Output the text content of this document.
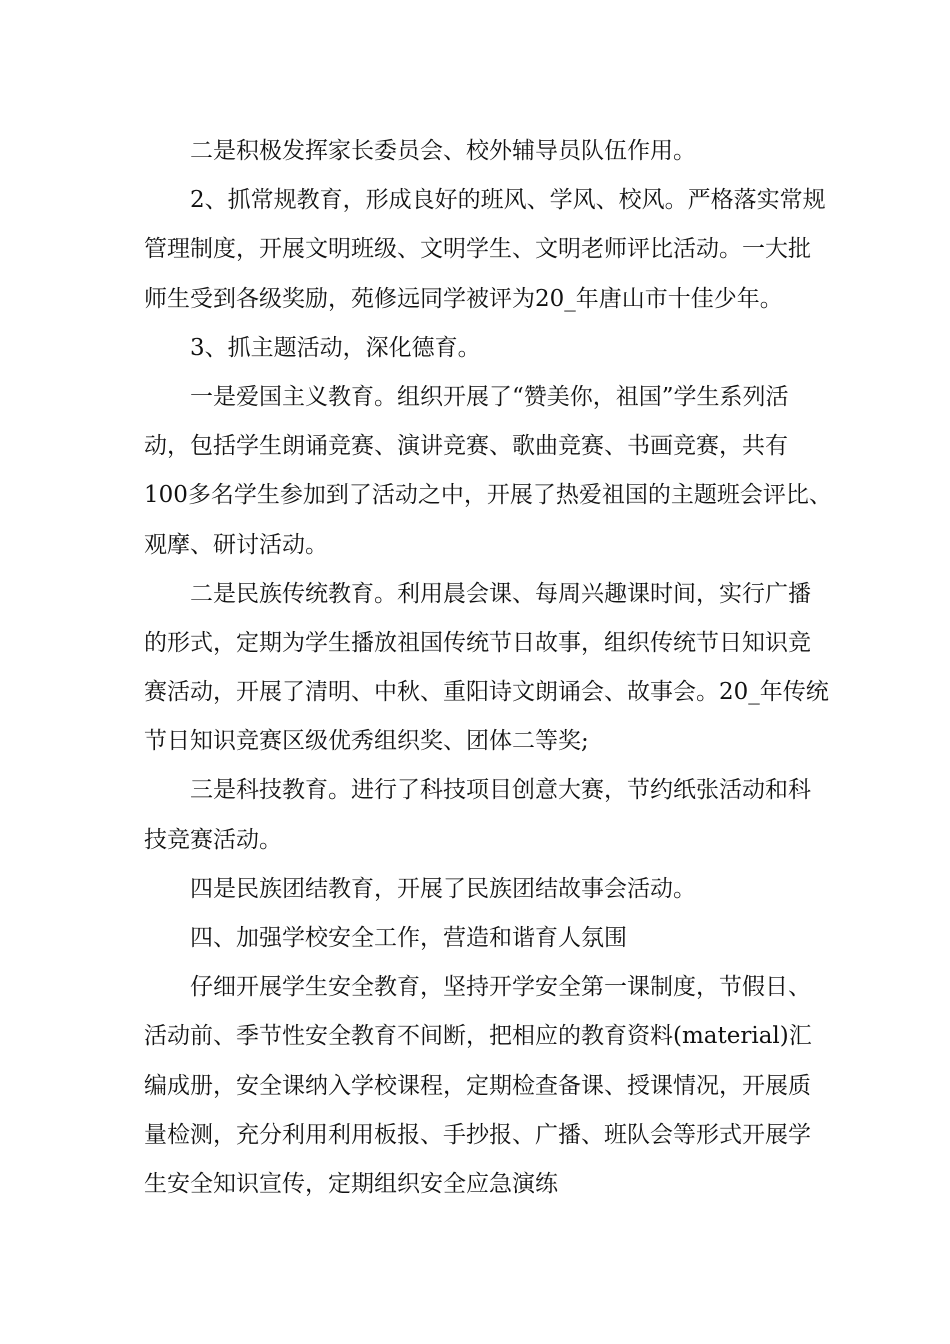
二是积极发挥家长委员会、校外辅导员队伍作用。
2、抓常规教育，形成良好的班风、学风、校风。严格落实常规
管理制度，开展文明班级、文明学生、文明老师评比活动。一大批
师生受到各级奖励，苑修远同学被评为20_年唐山市十佳少年。
3、抓主题活动，深化德育。
一是爱国主义教育。组织开展了“赞美你，祖国”学生系列活
动，包括学生朗诵竞赛、演讲竞赛、歌曲竞赛、书画竞赛，共有
100多名学生参加到了活动之中，开展了热爱祖国的主题班会评比、
观摩、研讨活动。
二是民族传统教育。利用晨会课、每周兴趣课时间，实行广播
的形式，定期为学生播放祖国传统节日故事，组织传统节日知识竞
赛活动，开展了清明、中秋、重阳诗文朗诵会、故事会。20_年传统
节日知识竞赛区级优秀组织奖、团体二等奖;
三是科技教育。进行了科技项目创意大赛，节约纸张活动和科
技竞赛活动。
四是民族团结教育，开展了民族团结故事会活动。
四、加强学校安全工作，营造和谐育人氛围
仔细开展学生安全教育，坚持开学安全第一课制度，节假日、
活动前、季节性安全教育不间断，把相应的教育资料(material)汇
编成册，安全课纳入学校课程，定期检查备课、授课情况，开展质
量检测，充分利用利用板报、手抄报、广播、班队会等形式开展学
生安全知识宣传，定期组织安全应急演练
